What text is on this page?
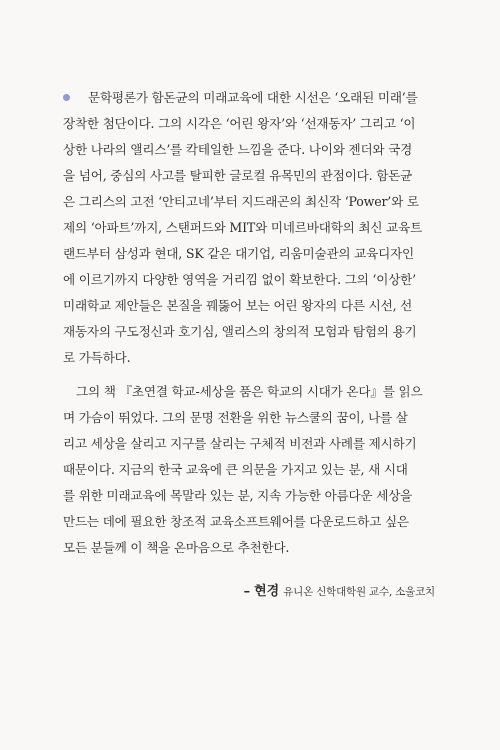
문학평론가 함돈균의 미래교육에 대한 시선은 ‘오래된 미래’를
장착한 첨단이다. 그의 시각은 ‘어린 왕자’와 ‘선재동자’ 그리고 ‘이
상한 나라의 앨리스’를 칵테일한 느낌을 준다. 나이와 젠더와 국경
을 넘어, 중심의 사고를 탈피한 글로컬 유목민의 관점이다. 함돈균
은 그리스의 고전 ‘안티고네’부터 지드래곤의 최신작 ‘Power’와 로
제의 ‘아파트’까지, 스탠퍼드와 MIT와 미네르바대학의 최신 교육트
랜드부터 삼성과 현대, SK 같은 대기업, 리움미술관의 교육디자인
에 이르기까지 다양한 영역을 거리낌 없이 확보한다. 그의 ‘이상한’
미래학교 제안들은 본질을 꿰뚫어 보는 어린 왕자의 다른 시선, 선
재동자의 구도정신과 호기심, 앨리스의 창의적 모험과 탐험의 용기
로 가득하다.
그의 책 『초연결 학교-세상을 품은 학교의 시대가 온다』를 읽으
며 가슴이 뛰었다. 그의 문명 전환을 위한 뉴스쿨의 꿈이, 나를 살
리고 세상을 살리고 지구를 살리는 구체적 비전과 사례를 제시하기
때문이다. 지금의 한국 교육에 큰 의문을 가지고 있는 분, 새 시대
를 위한 미래교육에 목말라 있는 분, 지속 가능한 아름다운 세상을
만드는 데에 필요한 창조적 교육소프트웨어를 다운로드하고 싶은
모든 분들께 이 책을 온마음으로 추천한다.
– 현경 유니온 신학대학원 교수, 소울코치
